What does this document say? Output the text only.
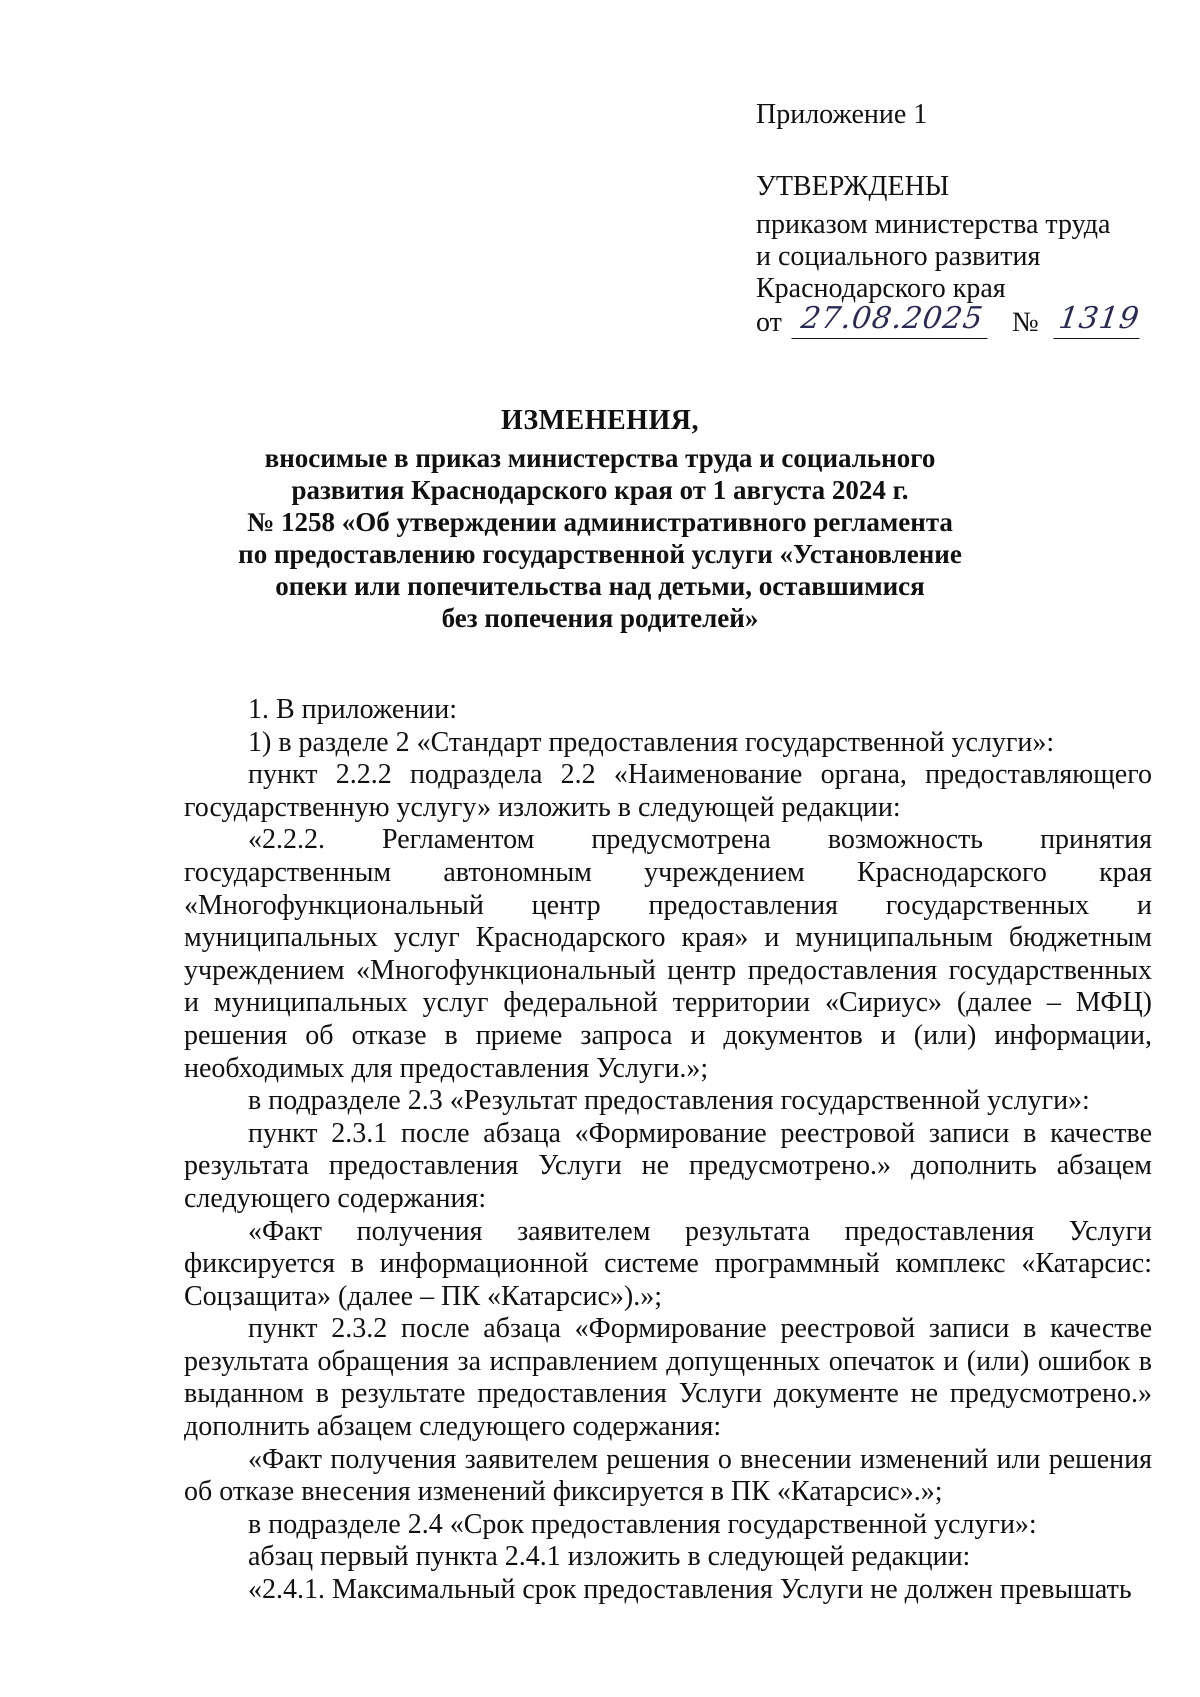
Приложение 1
УТВЕРЖДЕНЫ
приказом министерства труда
и социального развития
Краснодарского края
от 27.08.2025 № 1319
ИЗМЕНЕНИЯ,
вносимые в приказ министерства труда и социального
развития Краснодарского края от 1 августа 2024 г.
№ 1258 «Об утверждении административного регламента
по предоставлению государственной услуги «Установление
опеки или попечительства над детьми, оставшимися
без попечения родителей»

1. В приложении:

1) в разделе 2 «Стандарт предоставления государственной услуги»:

пункт 2.2.2 подраздела 2.2 «Наименование органа, предоставляющего государственную услугу» изложить в следующей редакции:

«2.2.2. Регламентом предусмотрена возможность принятия государственным автономным учреждением Краснодарского края «Многофункциональный центр предоставления государственных и муниципальных услуг Краснодарского края» и муниципальным бюджетным учреждением «Многофункциональный центр предоставления государственных и муниципальных услуг федеральной территории «Сириус» (далее – МФЦ) решения об отказе в приеме запроса и документов и (или) информации, необходимых для предоставления Услуги.»;

в подразделе 2.3 «Результат предоставления государственной услуги»:

пункт 2.3.1 после абзаца «Формирование реестровой записи в качестве результата предоставления Услуги не предусмотрено.» дополнить абзацем следующего содержания:

«Факт получения заявителем результата предоставления Услуги фиксируется в информационной системе программный комплекс «Катарсис: Соцзащита» (далее – ПК «Катарсис»).»;

пункт 2.3.2 после абзаца «Формирование реестровой записи в качестве результата обращения за исправлением допущенных опечаток и (или) ошибок в выданном в результате предоставления Услуги документе не предусмотрено.» дополнить абзацем следующего содержания:

«Факт получения заявителем решения о внесении изменений или решения об отказе внесения изменений фиксируется в ПК «Катарсис».»;

в подразделе 2.4 «Срок предоставления государственной услуги»:

абзац первый пункта 2.4.1 изложить в следующей редакции:

«2.4.1. Максимальный срок предоставления Услуги не должен превышать
